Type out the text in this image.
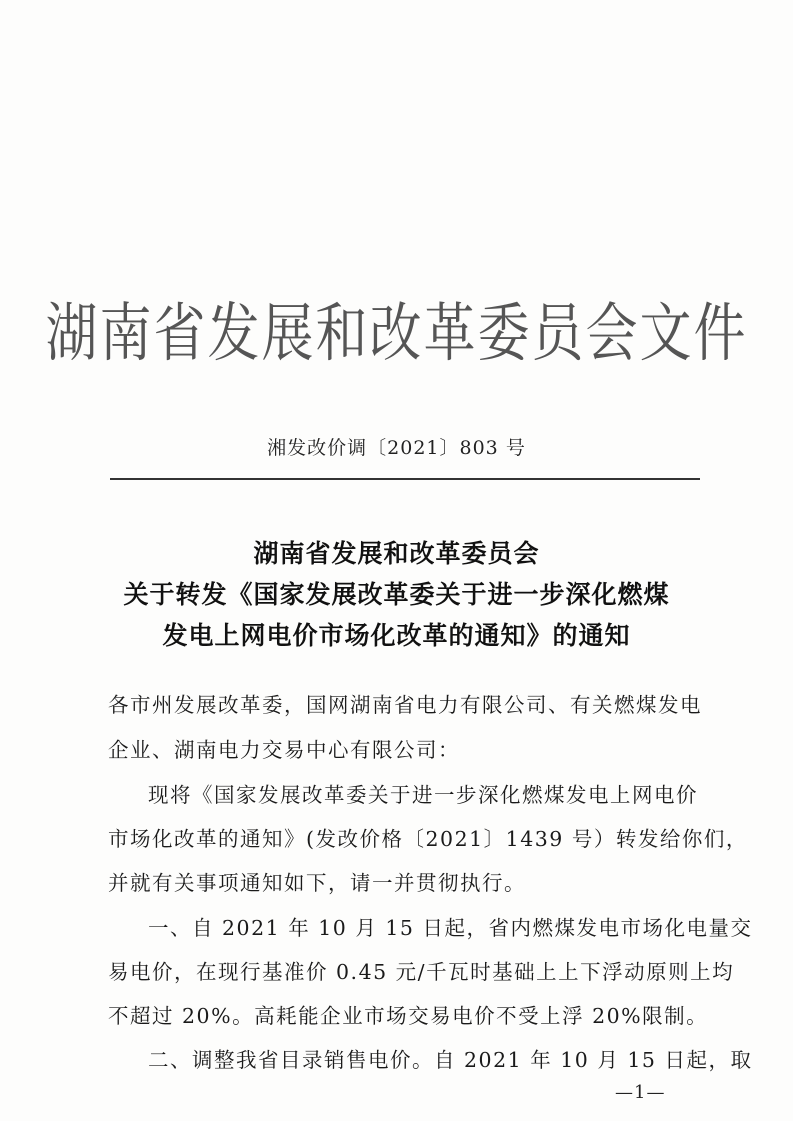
湖南省发展和改革委员会文件
湘发改价调〔2021〕803 号
湖南省发展和改革委员会
关于转发《国家发展改革委关于进一步深化燃煤
发电上网电价市场化改革的通知》的通知
各市州发展改革委，国网湖南省电力有限公司、有关燃煤发电
企业、湖南电力交易中心有限公司：
现将《国家发展改革委关于进一步深化燃煤发电上网电价
市场化改革的通知》(发改价格〔2021〕1439 号）转发给你们，
并就有关事项通知如下，请一并贯彻执行。
一、自 2021 年 10 月 15 日起，省内燃煤发电市场化电量交
易电价，在现行基准价 0.45 元/千瓦时基础上上下浮动原则上均
不超过 20%。高耗能企业市场交易电价不受上浮 20%限制。
二、调整我省目录销售电价。自 2021 年 10 月 15 日起，取
—1—
